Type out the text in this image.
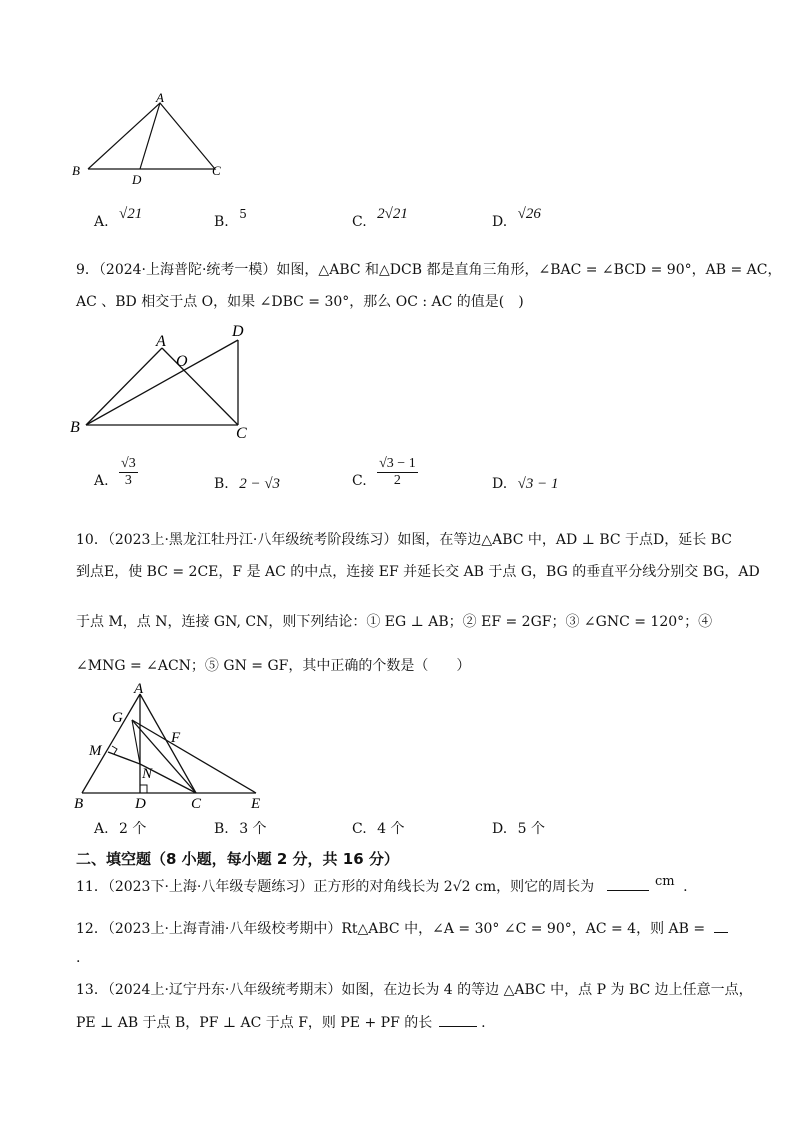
A
B	C
D
A. √21	B. 5	C. 2√21	D. √26
9．（2024·上海普陀·统考一模）如图，△ABC 和△DCB 都是直角三角形，∠BAC = ∠BCD = 90°，AB = AC，
AC 、BD 相交于点 O，如果 ∠DBC = 30°，那么 OC : AC 的值是(　)
A
B	C
D
O
A. $\frac{√3}{3}$	B. 2 − √3	C. $\frac{√3 - 1}{2}$	D. √3 − 1
10．（2023上·黑龙江牡丹江·八年级统考阶段练习）如图，在等边△ABC 中，AD ⊥ BC 于点D，延长 BC
到点E，使 BC = 2CE，F 是 AC 的中点，连接 EF 并延长交 AB 于点 G，BG 的垂直平分线分别交 BG，AD
于点 M，点 N，连接 GN, CN，则下列结论：① EG ⊥ AB；② EF = 2GF；③ ∠GNC = 120°；④
∠MNG = ∠ACN；⑤ GN = GF，其中正确的个数是（　　）
A
B	C
D	E
F
G
M
N
A. 2 个	B. 3 个	C. 4 个	D. 5 个
二、填空题（8 小题，每小题 2 分，共 16 分）
11．（2023下·上海·八年级专题练习）正方形的对角线长为 2√2 cm，则它的周长为	cm .
12．（2023上·上海青浦·八年级校考期中）Rt△ABC 中，∠A = 30° ∠C = 90°，AC = 4，则 AB =
.
13．（2024上·辽宁丹东·八年级统考期末）如图，在边长为 4 的等边 △ABC 中，点 P 为 BC 边上任意一点，
PE ⊥ AB 于点 B，PF ⊥ AC 于点 F，则 PE + PF 的长	.
